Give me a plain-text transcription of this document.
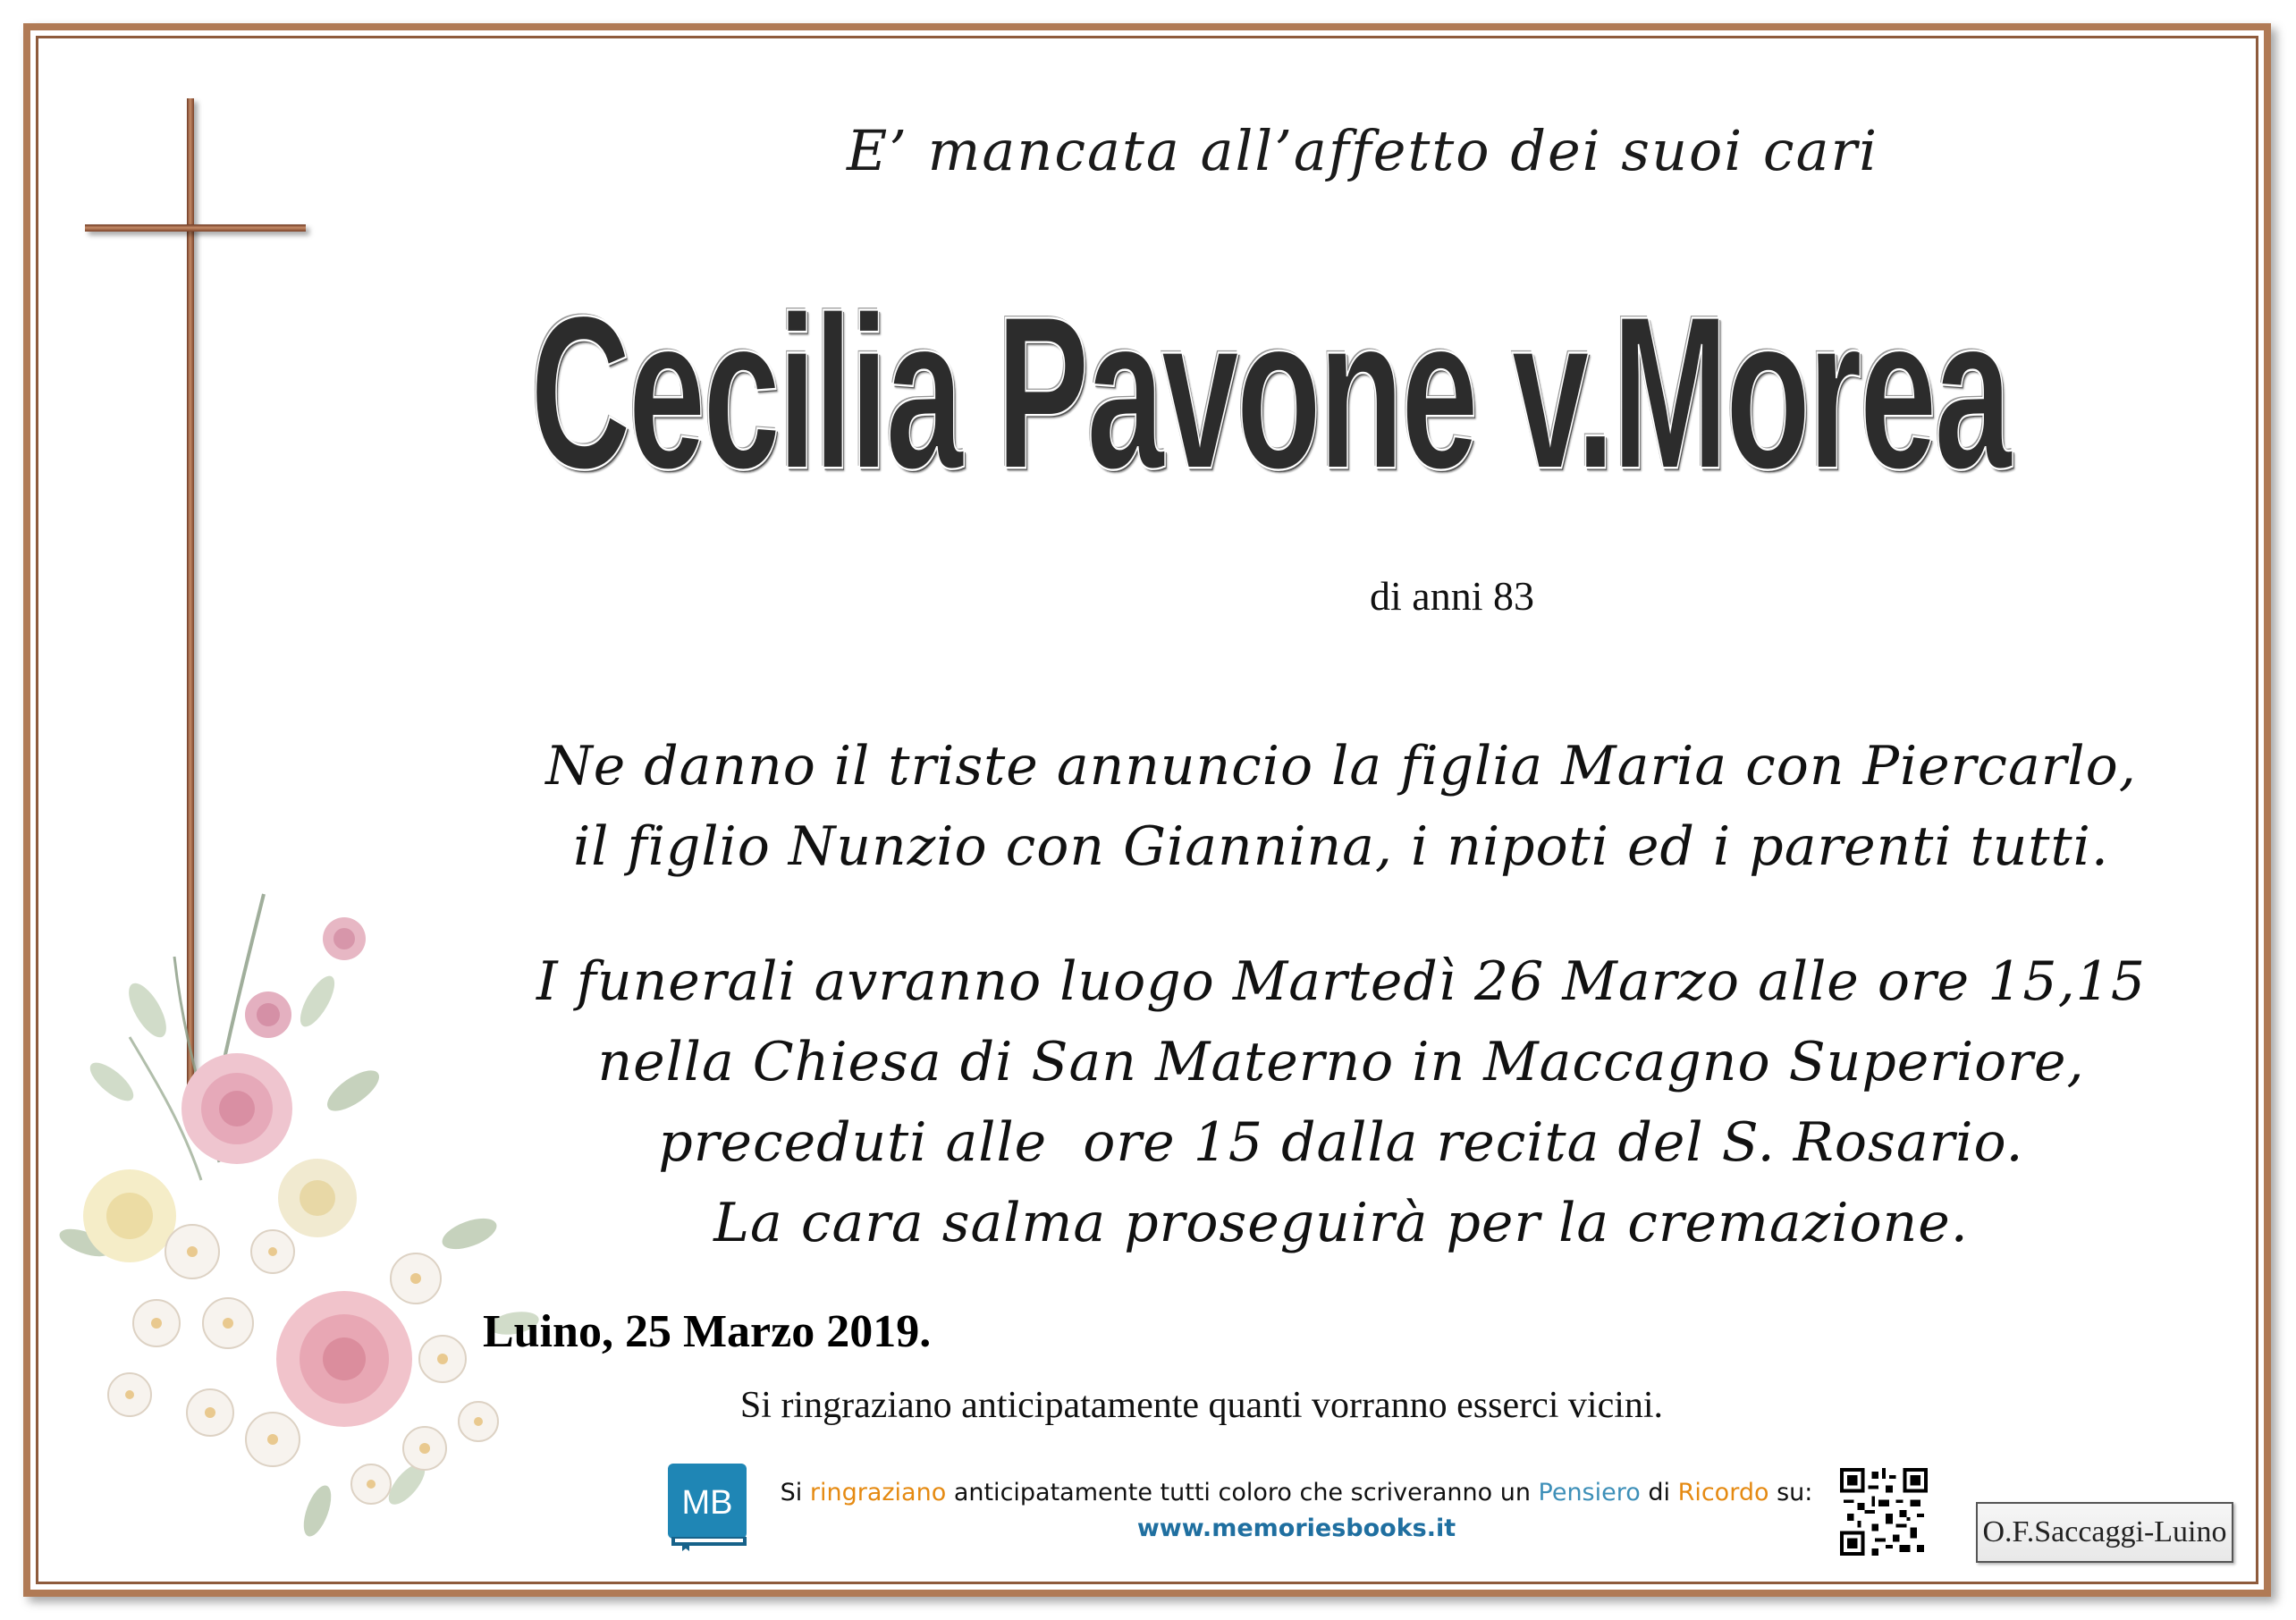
E’ mancata all’affetto dei suoi cari
Cecilia Pavone v.Morea
di anni 83
Ne danno il triste annuncio la figlia Maria con Piercarlo,
il figlio Nunzio con Giannina, i nipoti ed i parenti tutti.
I funerali avranno luogo Martedì 26 Marzo alle ore 15,15
nella Chiesa di San Materno in Maccagno Superiore,
preceduti alle  ore 15 dalla recita del S. Rosario.
La cara salma proseguirà per la cremazione.
Luino, 25 Marzo 2019.
Si ringraziano anticipatamente quanti vorranno esserci vicini.
MB	Si ringraziano anticipatamente tutti coloro che scriveranno un Pensiero di Ricordo su:
www.memoriesbooks.it	O.F.Saccaggi-Luino
